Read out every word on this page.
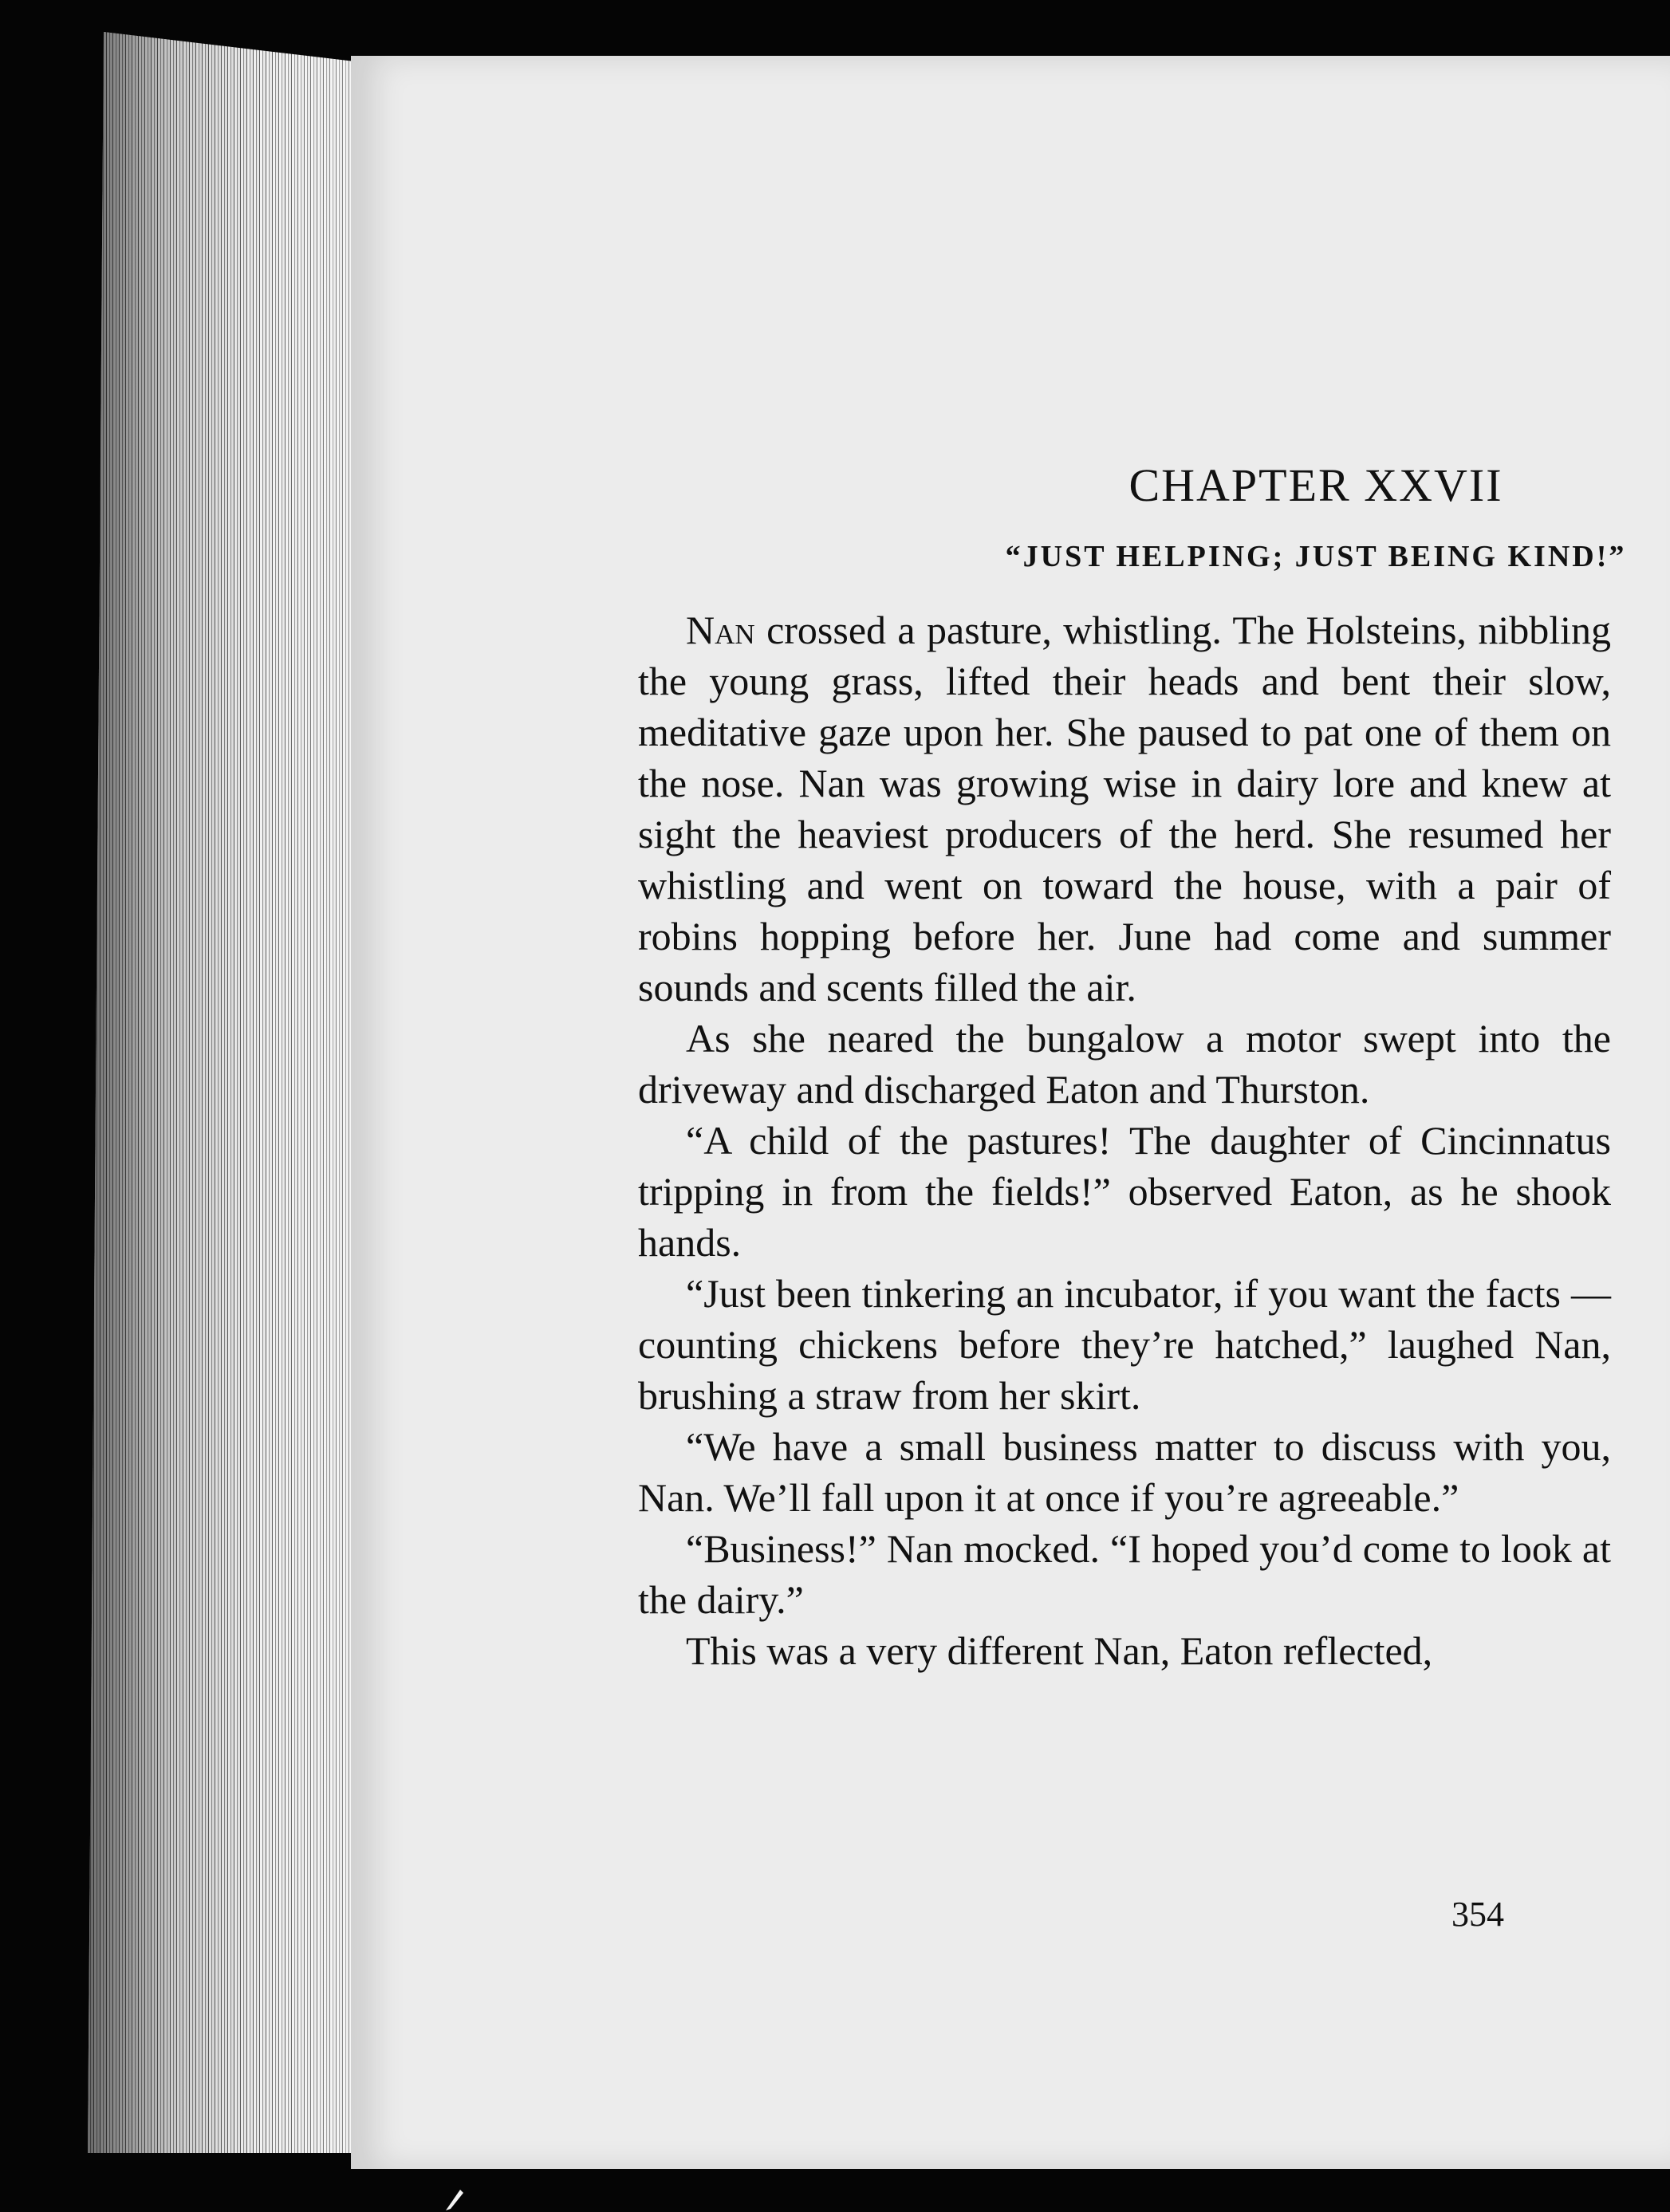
CHAPTER XXVII
“JUST HELPING; JUST BEING KIND!”

Nan crossed a pasture, whistling. The Holsteins, nibbling the young grass, lifted their heads and bent their slow, meditative gaze upon her. She paused to pat one of them on the nose. Nan was growing wise in dairy lore and knew at sight the heaviest producers of the herd. She resumed her whistling and went on toward the house, with a pair of robins hopping before her. June had come and summer sounds and scents filled the air.

As she neared the bungalow a motor swept into the driveway and discharged Eaton and Thurston.

“A child of the pastures! The daughter of Cincinnatus tripping in from the fields!” observed Eaton, as he shook hands.

“Just been tinkering an incubator, if you want the facts — counting chickens before they’re hatched,” laughed Nan, brushing a straw from her skirt.

“We have a small business matter to discuss with you, Nan. We’ll fall upon it at once if you’re agreeable.”

“Business!” Nan mocked. “I hoped you’d come to look at the dairy.”

This was a very different Nan, Eaton reflected,

354
